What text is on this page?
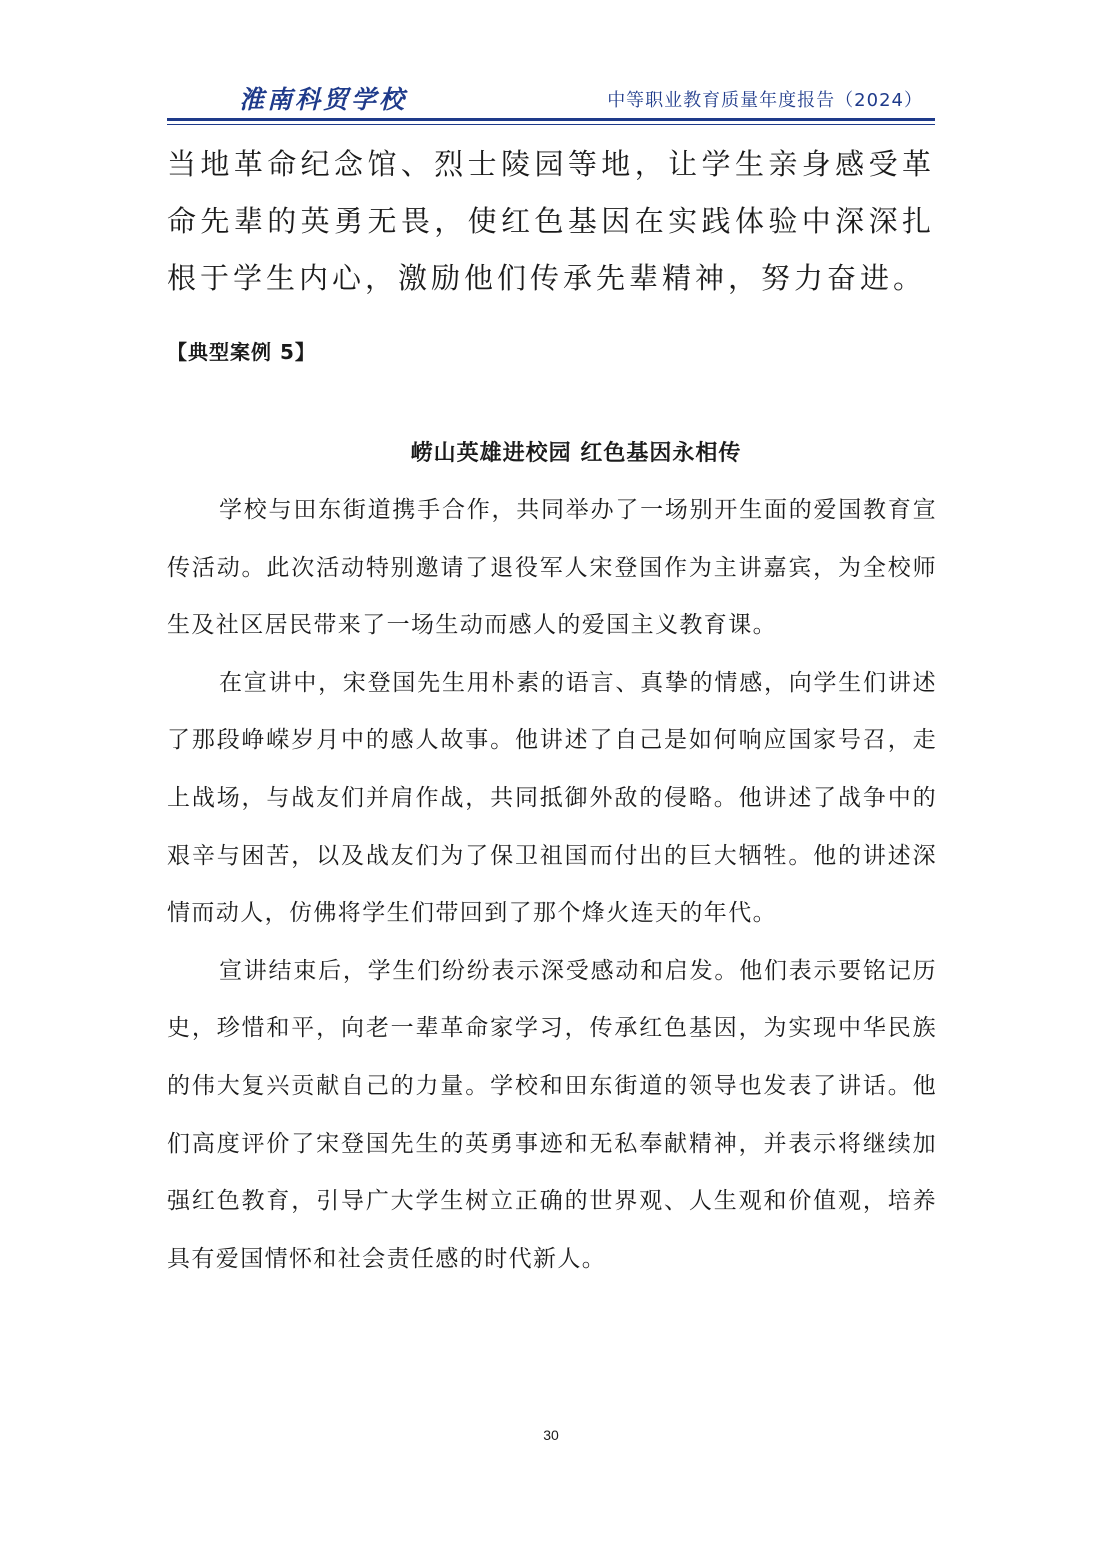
淮南科贸学校	中等职业教育质量年度报告（2024）

当地革命纪念馆、烈士陵园等地，让学生亲身感受革命先辈的英勇无畏，使红色基因在实践体验中深深扎根于学生内心，激励他们传承先辈精神，努力奋进。

【典型案例 5】

崂山英雄进校园 红色基因永相传

学校与田东街道携手合作，共同举办了一场别开生面的爱国教育宣传活动。此次活动特别邀请了退役军人宋登国作为主讲嘉宾，为全校师生及社区居民带来了一场生动而感人的爱国主义教育课。

在宣讲中，宋登国先生用朴素的语言、真挚的情感，向学生们讲述了那段峥嵘岁月中的感人故事。他讲述了自己是如何响应国家号召，走上战场，与战友们并肩作战，共同抵御外敌的侵略。他讲述了战争中的艰辛与困苦，以及战友们为了保卫祖国而付出的巨大牺牲。他的讲述深情而动人，仿佛将学生们带回到了那个烽火连天的年代。

宣讲结束后，学生们纷纷表示深受感动和启发。他们表示要铭记历史，珍惜和平，向老一辈革命家学习，传承红色基因，为实现中华民族的伟大复兴贡献自己的力量。学校和田东街道的领导也发表了讲话。他们高度评价了宋登国先生的英勇事迹和无私奉献精神，并表示将继续加强红色教育，引导广大学生树立正确的世界观、人生观和价值观，培养具有爱国情怀和社会责任感的时代新人。

30
